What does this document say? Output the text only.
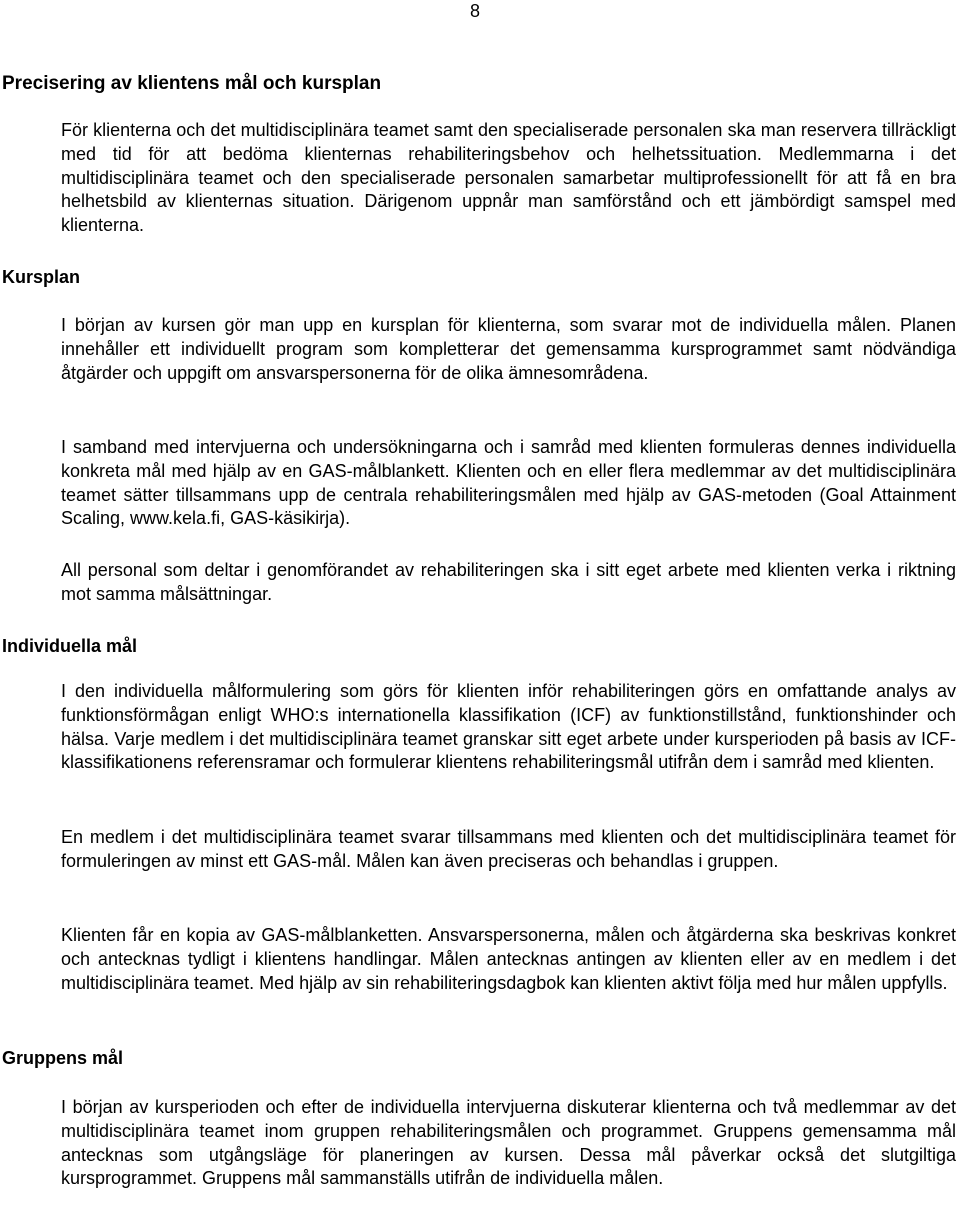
8
Precisering av klientens mål och kursplan

För klienterna och det multidisciplinära teamet samt den specialiserade personalen ska man reservera tillräckligt med tid för att bedöma klienternas rehabiliteringsbehov och helhetssituation. Medlemmarna i det multidisciplinära teamet och den specialiserade personalen samarbetar multiprofessionellt för att få en bra helhetsbild av klienternas situation. Därigenom uppnår man samförstånd och ett jämbördigt samspel med klienterna.

Kursplan

I början av kursen gör man upp en kursplan för klienterna, som svarar mot de individuella målen. Planen innehåller ett individuellt program som kompletterar det gemensamma kursprogrammet samt nödvändiga åtgärder och uppgift om ansvarspersonerna för de olika ämnesområdena.

I samband med intervjuerna och undersökningarna och i samråd med klienten formuleras dennes individuella konkreta mål med hjälp av en GAS-målblankett. Klienten och en eller flera medlemmar av det multidisciplinära teamet sätter tillsammans upp de centrala rehabiliteringsmålen med hjälp av GAS-metoden (Goal Attainment Scaling, www.kela.fi, GAS-käsikirja).

All personal som deltar i genomförandet av rehabiliteringen ska i sitt eget arbete med klienten verka i riktning mot samma målsättningar.

Individuella mål

I den individuella målformulering som görs för klienten inför rehabiliteringen görs en omfattande analys av funktionsförmågan enligt WHO:s internationella klassifikation (ICF) av funktionstillstånd, funktionshinder och hälsa. Varje medlem i det multidisciplinära teamet granskar sitt eget arbete under kursperioden på basis av ICF-klassifikationens referensramar och formulerar klientens rehabiliteringsmål utifrån dem i samråd med klienten.

En medlem i det multidisciplinära teamet svarar tillsammans med klienten och det multidisciplinära teamet för formuleringen av minst ett GAS-mål. Målen kan även preciseras och behandlas i gruppen.

Klienten får en kopia av GAS-målblanketten. Ansvarspersonerna, målen och åtgärderna ska beskrivas konkret och antecknas tydligt i klientens handlingar. Målen antecknas antingen av klienten eller av en medlem i det multidisciplinära teamet. Med hjälp av sin rehabiliteringsdagbok kan klienten aktivt följa med hur målen uppfylls.

Gruppens mål

I början av kursperioden och efter de individuella intervjuerna diskuterar klienterna och två medlemmar av det multidisciplinära teamet inom gruppen rehabiliteringsmålen och programmet. Gruppens gemensamma mål antecknas som utgångsläge för planeringen av kursen. Dessa mål påverkar också det slutgiltiga kursprogrammet. Gruppens mål sammanställs utifrån de individuella målen.
